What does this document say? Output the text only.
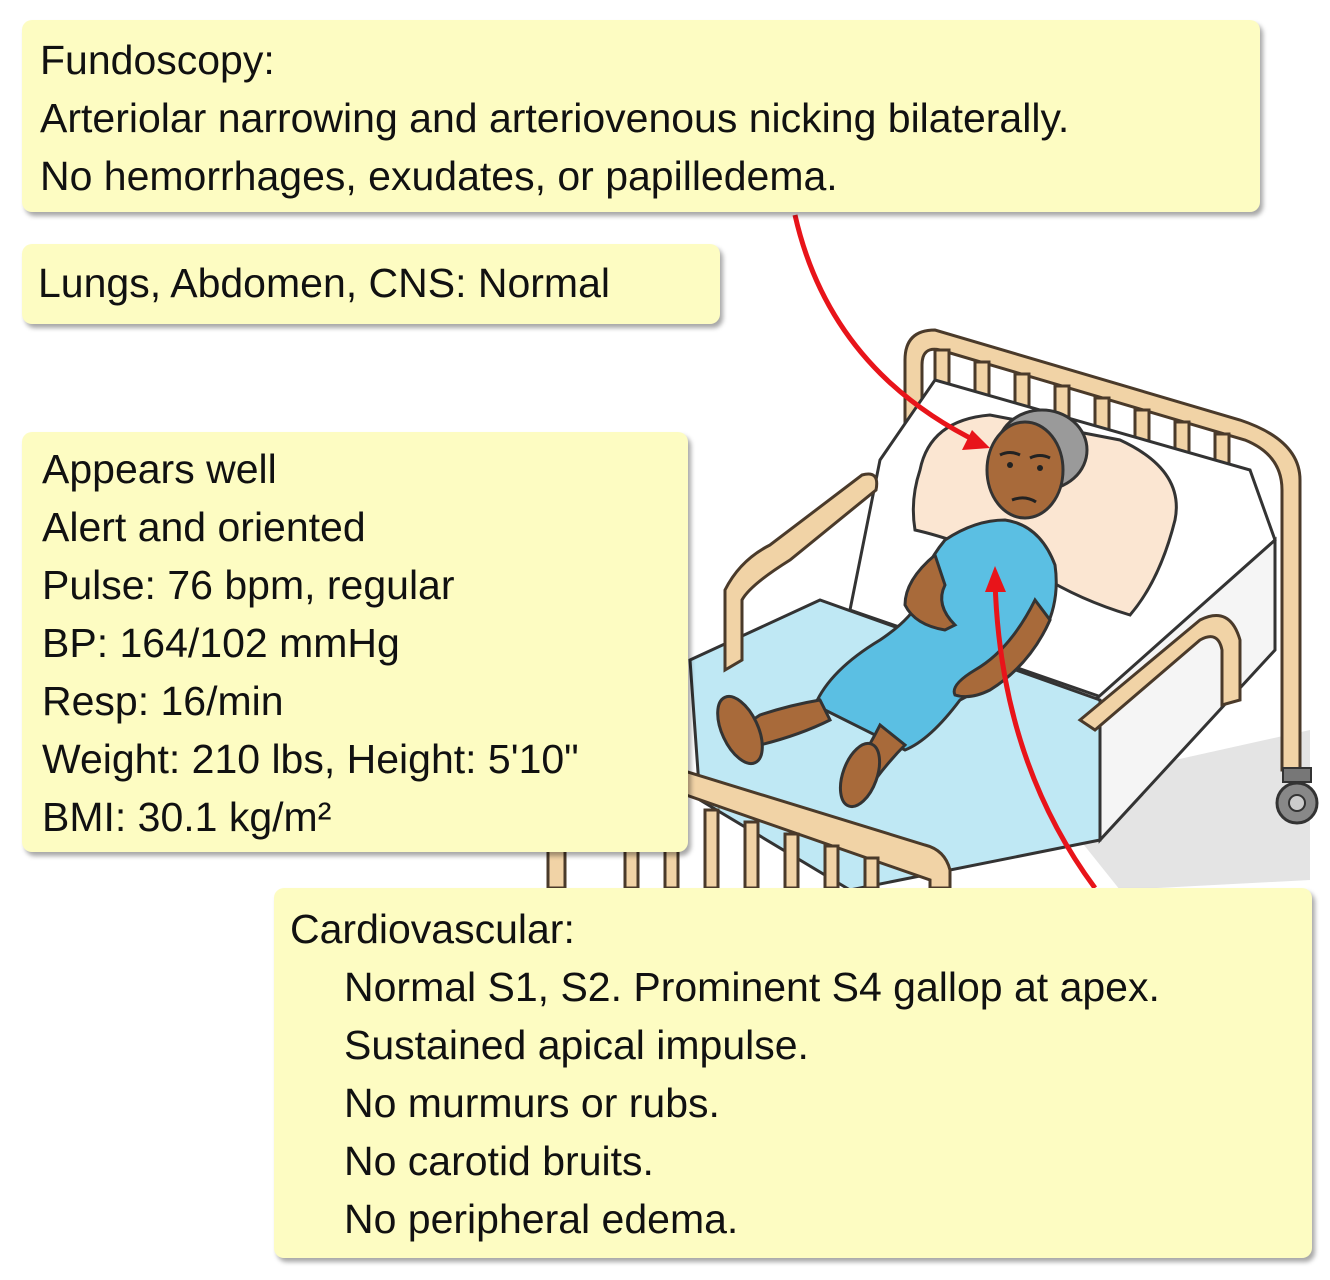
Fundoscopy:
Arteriolar narrowing and arteriovenous nicking bilaterally.
No hemorrhages, exudates, or papilledema.
Lungs, Abdomen, CNS: Normal
Appears well
Alert and oriented
Pulse: 76 bpm, regular
BP: 164/102 mmHg
Resp: 16/min
Weight: 210 lbs, Height: 5'10"
BMI: 30.1 kg/m²
Cardiovascular:
Normal S1, S2. Prominent S4 gallop at apex.
Sustained apical impulse.
No murmurs or rubs.
No carotid bruits.
No peripheral edema.
